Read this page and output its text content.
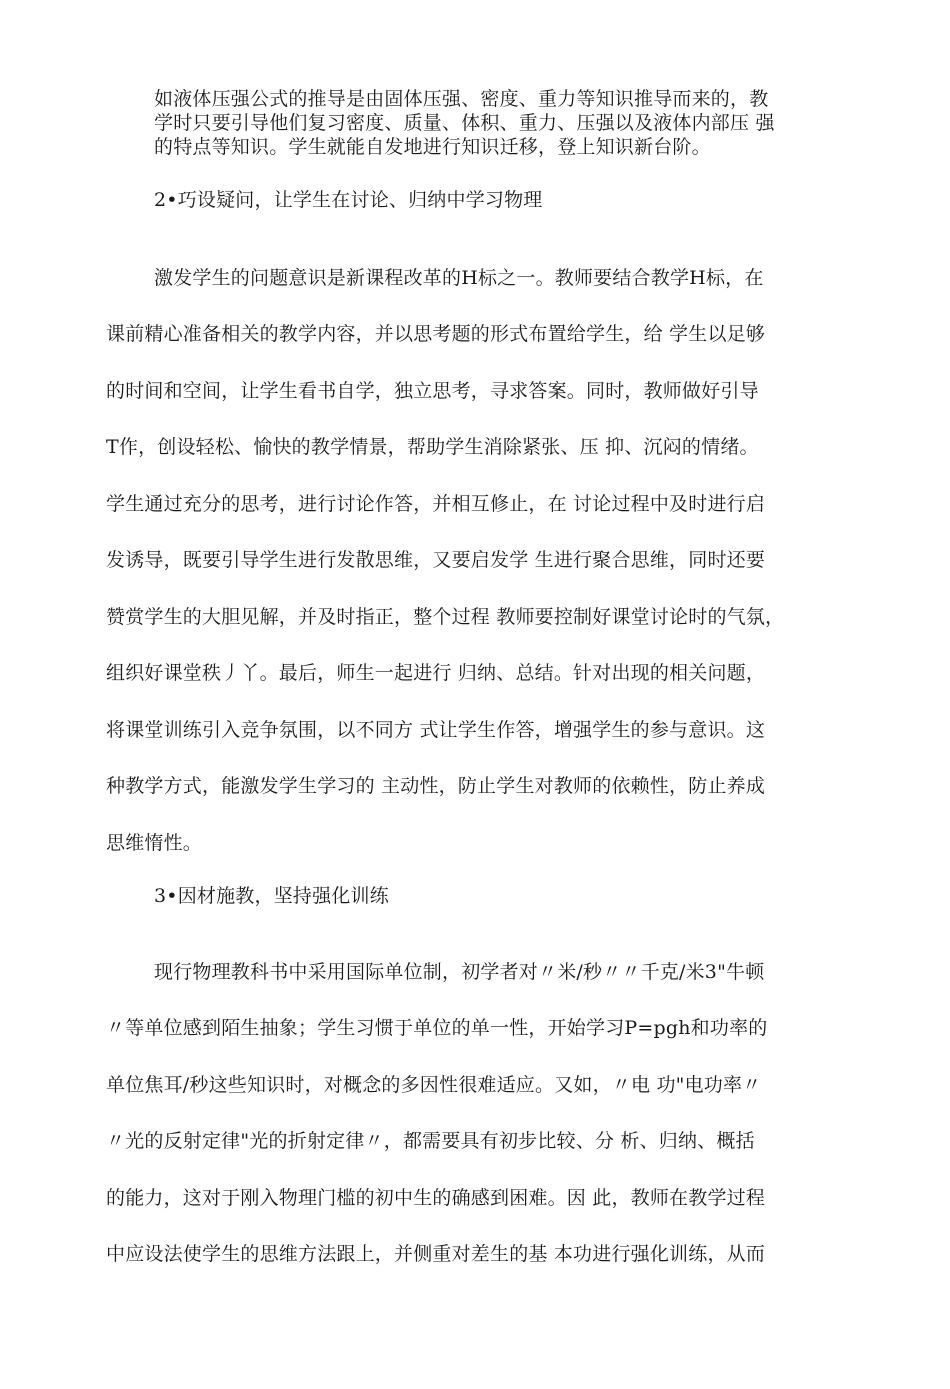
如液体压强公式的推导是由固体压强、密度、重力等知识推导而来的，教
学时只要引导他们复习密度、质量、体积、重力、压强以及液体内部压 强
的特点等知识。学生就能自发地进行知识迁移，登上知识新台阶。
2•巧设疑问，让学生在讨论、归纳中学习物理
激发学生的问题意识是新课程改革的H标之一。教师要结合教学H标，在
课前精心准备相关的教学内容，并以思考题的形式布置给学生，给 学生以足够
的时间和空间，让学生看书自学，独立思考，寻求答案。同时，教师做好引导
T作，创设轻松、愉快的教学情景，帮助学生消除紧张、压 抑、沉闷的情绪。
学生通过充分的思考，进行讨论作答，并相互修止，在 讨论过程中及时进行启
发诱导，既要引导学生进行发散思维，又要启发学 生进行聚合思维，同时还要
赞赏学生的大胆见解，并及时指正，整个过程 教师要控制好课堂讨论时的气氛，
组织好课堂秩丿丫。最后，师生一起进行 归纳、总结。针对出现的相关问题，
将课堂训练引入竞争氛围，以不同方 式让学生作答，增强学生的参与意识。这
种教学方式，能激发学生学习的 主动性，防止学生对教师的依赖性，防止养成
思维惰性。
3•因材施教，坚持强化训练
现行物理教科书中采用国际单位制，初学者对〃米/秒〃〃千克/米3"牛顿
〃等单位感到陌生抽象；学生习惯于单位的单一性，开始学习P=pgh和功率的
单位焦耳/秒这些知识时，对概念的多因性很难适应。又如，〃电 功"电功率〃
〃光的反射定律"光的折射定律〃，都需要具有初步比较、分 析、归纳、概括
的能力，这对于刚入物理门槛的初中生的确感到困难。因 此，教师在教学过程
中应设法使学生的思维方法跟上，并侧重对差生的基 本功进行强化训练，从而
